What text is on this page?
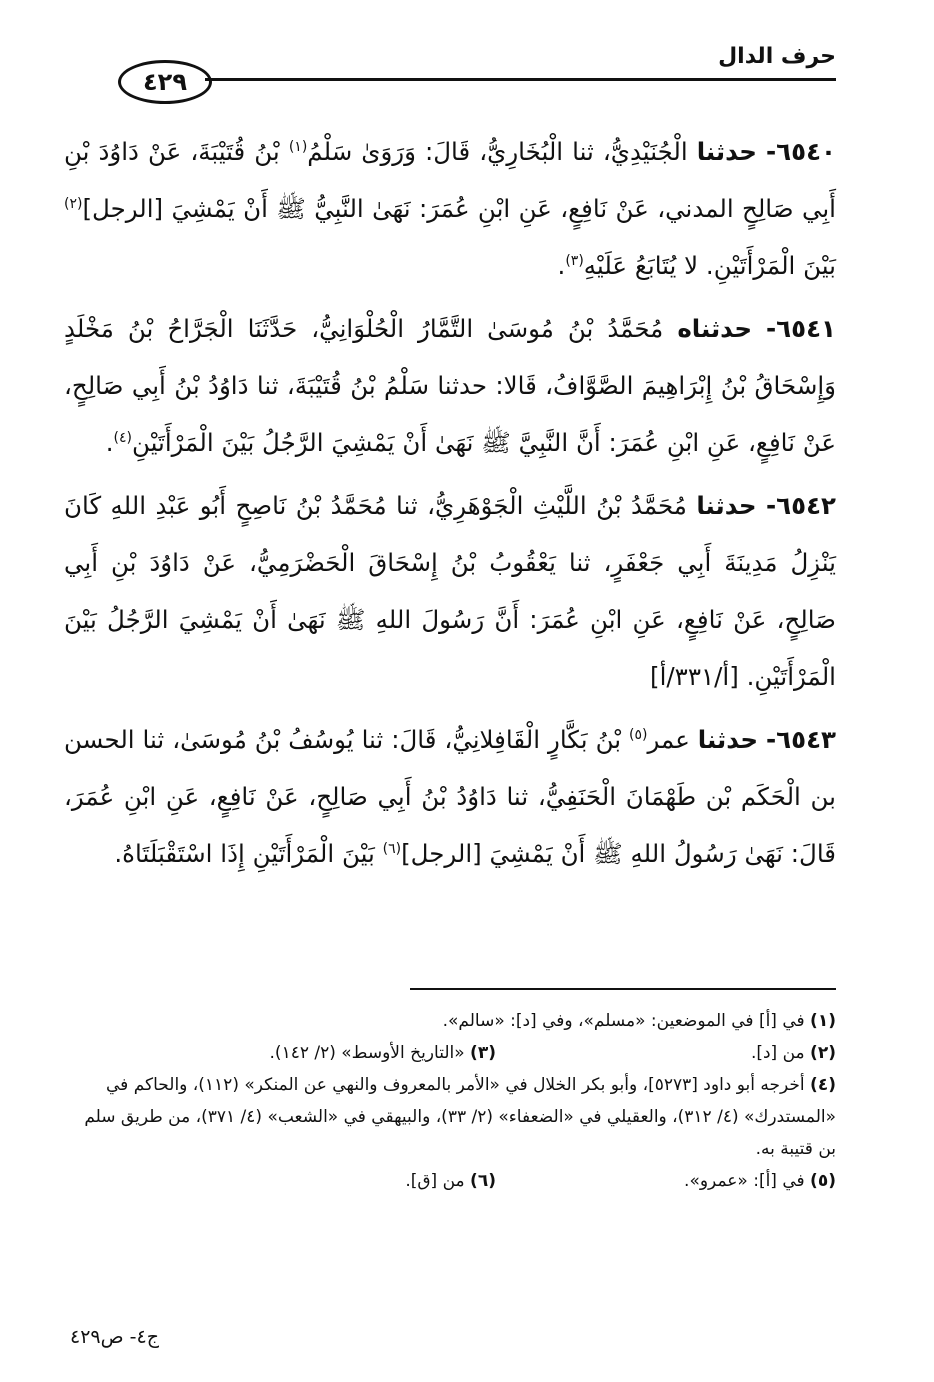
حرف الدال
٤٢٩

٦٥٤٠- حدثنا الْجُنَيْدِيُّ، ثنا الْبُخَارِيُّ، قَالَ: وَرَوَىٰ سَلْمُ$^{(١)}$ بْنُ قُتَيْبَةَ، عَنْ دَاوُدَ بْنِ أَبِي صَالِحٍ المدني، عَنْ نَافِعٍ، عَنِ ابْنِ عُمَرَ: نَهَىٰ النَّبِيُّ ﷺ أَنْ يَمْشِيَ [الرجل]$^{(٢)}$ بَيْنَ الْمَرْأَتَيْنِ. لا يُتَابَعُ عَلَيْهِ$^{(٣)}$.

٦٥٤١- حدثناه مُحَمَّدُ بْنُ مُوسَىٰ التَّمَّارُ الْحُلْوَانِيُّ، حَدَّثَنَا الْجَرَّاحُ بْنُ مَخْلَدٍ وَإِسْحَاقُ بْنُ إِبْرَاهِيمَ الصَّوَّافُ، قَالا: حدثنا سَلْمُ بْنُ قُتَيْبَةَ، ثنا دَاوُدُ بْنُ أَبِي صَالِحٍ، عَنْ نَافِعٍ، عَنِ ابْنِ عُمَرَ: أَنَّ النَّبِيَّ ﷺ نَهَىٰ أَنْ يَمْشِيَ الرَّجُلُ بَيْنَ الْمَرْأَتَيْنِ$^{(٤)}$.

٦٥٤٢- حدثنا مُحَمَّدُ بْنُ اللَّيْثِ الْجَوْهَرِيُّ، ثنا مُحَمَّدُ بْنُ نَاصِحٍ أَبُو عَبْدِ اللهِ كَانَ يَنْزِلُ مَدِينَةَ أَبِي جَعْفَرٍ، ثنا يَعْقُوبُ بْنُ إِسْحَاقَ الْحَضْرَمِيُّ، عَنْ دَاوُدَ بْنِ أَبِي صَالِحٍ، عَنْ نَافِعٍ، عَنِ ابْنِ عُمَرَ: أَنَّ رَسُولَ اللهِ ﷺ نَهَىٰ أَنْ يَمْشِيَ الرَّجُلُ بَيْنَ الْمَرْأَتَيْنِ. [أ/٣٣١/أ]

٦٥٤٣- حدثنا عمر$^{(٥)}$ بْنُ بَكَّارٍ الْقَافِلانِيُّ، قَالَ: ثنا يُوسُفُ بْنُ مُوسَىٰ، ثنا الحسن بن الْحَكَم بْن طَهْمَانَ الْحَنَفِيُّ، ثنا دَاوُدُ بْنُ أَبِي صَالِحٍ، عَنْ نَافِعٍ، عَنِ ابْنِ عُمَرَ، قَالَ: نَهَىٰ رَسُولُ اللهِ ﷺ أَنْ يَمْشِيَ [الرجل]$^{(٦)}$ بَيْنَ الْمَرْأَتَيْنِ إِذَا اسْتَقْبَلَتَاهُ.

(١) في [أ] في الموضعين: «مسلم»، وفي [د]: «سالم».
(٢) من [د].
(٣) «التاريخ الأوسط» (٢/ ١٤٢).
(٤) أخرجه أبو داود [٥٢٧٣]، وأبو بكر الخلال في «الأمر بالمعروف والنهي عن المنكر» (١١٢)، والحاكم في «المستدرك» (٤/ ٣١٢)، والعقيلي في «الضعفاء» (٢/ ٣٣)، والبيهقي في «الشعب» (٤/ ٣٧١)، من طريق سلم بن قتيبة به.
(٥) في [أ]: «عمرو».
(٦) من [ق].
ج٤- ص٤٢٩
